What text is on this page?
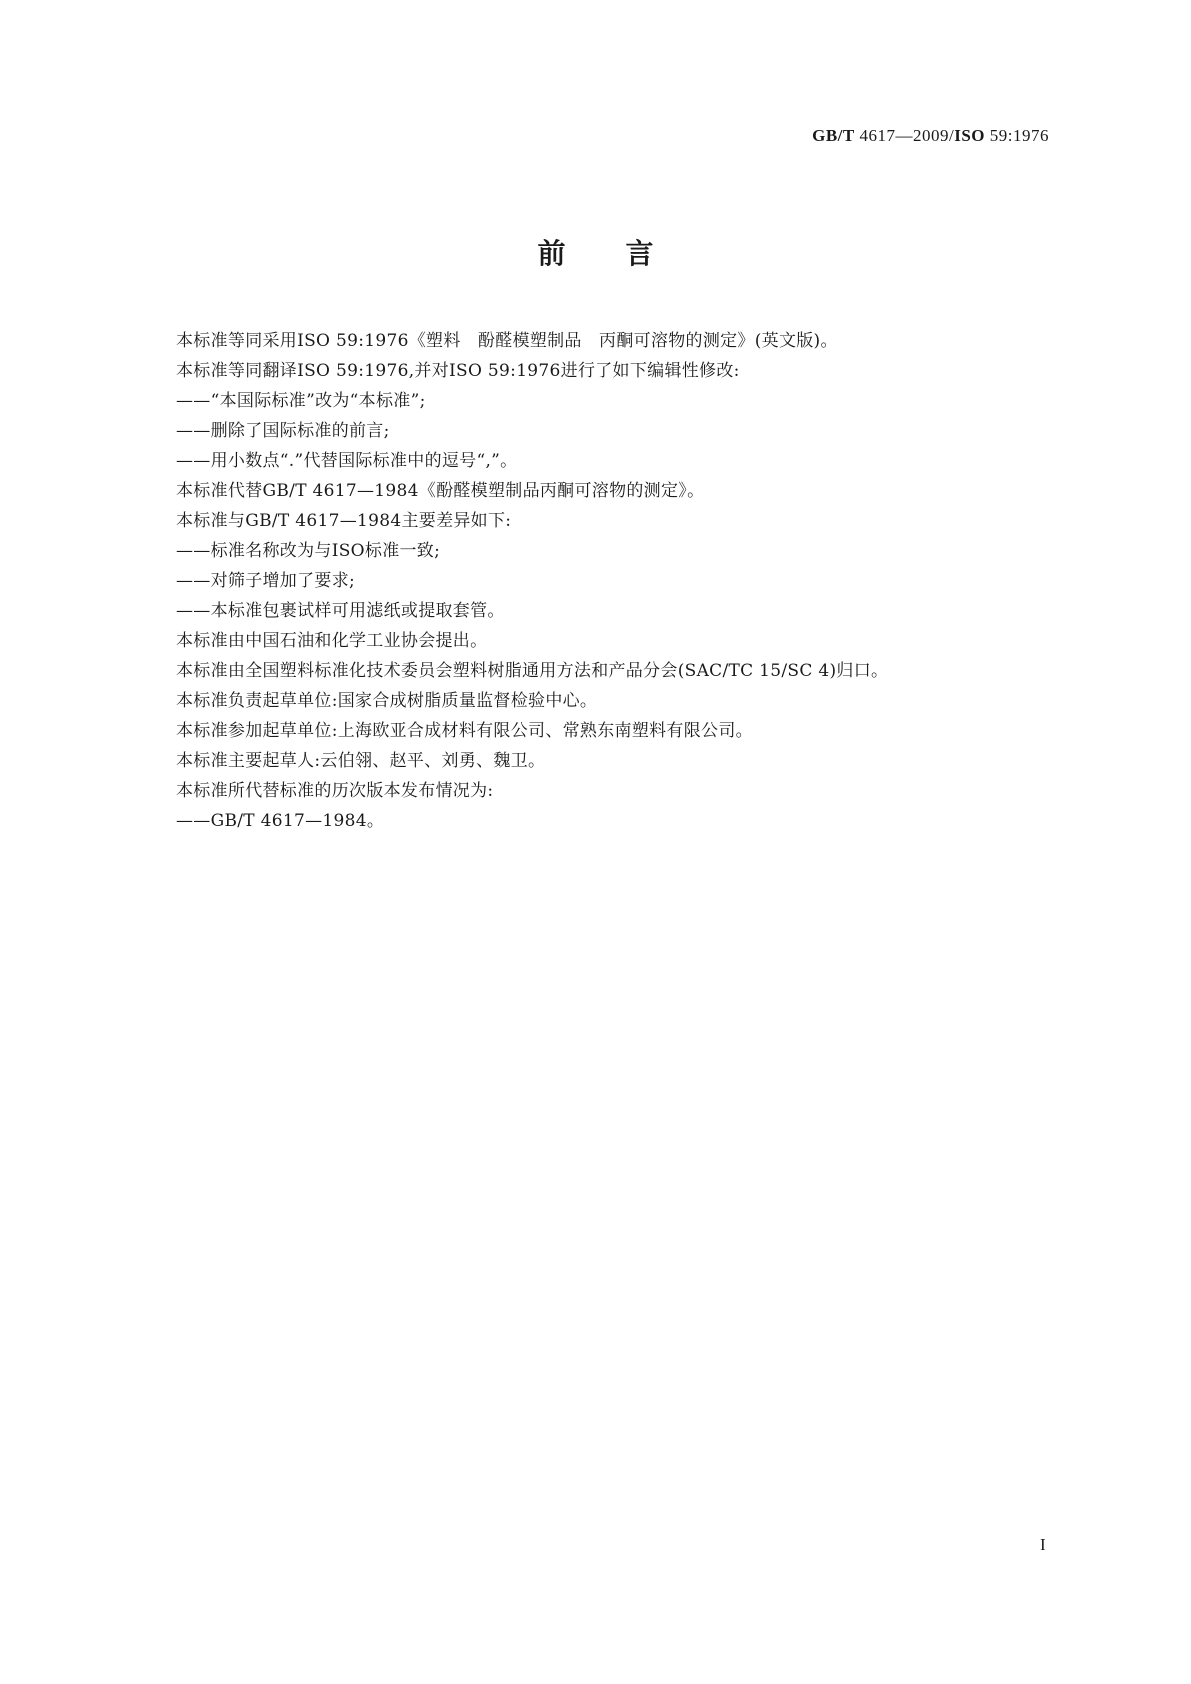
GB/T 4617—2009/ISO 59:1976
前言
本标准等同采用ISO 59:1976《塑料　酚醛模塑制品　丙酮可溶物的测定》(英文版)。
本标准等同翻译ISO 59:1976,并对ISO 59:1976进行了如下编辑性修改:
——“本国际标准”改为“本标准”;
——删除了国际标准的前言;
——用小数点“.”代替国际标准中的逗号“,”。
本标准代替GB/T 4617—1984《酚醛模塑制品丙酮可溶物的测定》。
本标准与GB/T 4617—1984主要差异如下:
——标准名称改为与ISO标准一致;
——对筛子增加了要求;
——本标准包裹试样可用滤纸或提取套管。
本标准由中国石油和化学工业协会提出。
本标准由全国塑料标准化技术委员会塑料树脂通用方法和产品分会(SAC/TC 15/SC 4)归口。
本标准负责起草单位:国家合成树脂质量监督检验中心。
本标准参加起草单位:上海欧亚合成材料有限公司、常熟东南塑料有限公司。
本标准主要起草人:云伯翎、赵平、刘勇、魏卫。
本标准所代替标准的历次版本发布情况为:
——GB/T 4617—1984。
I
